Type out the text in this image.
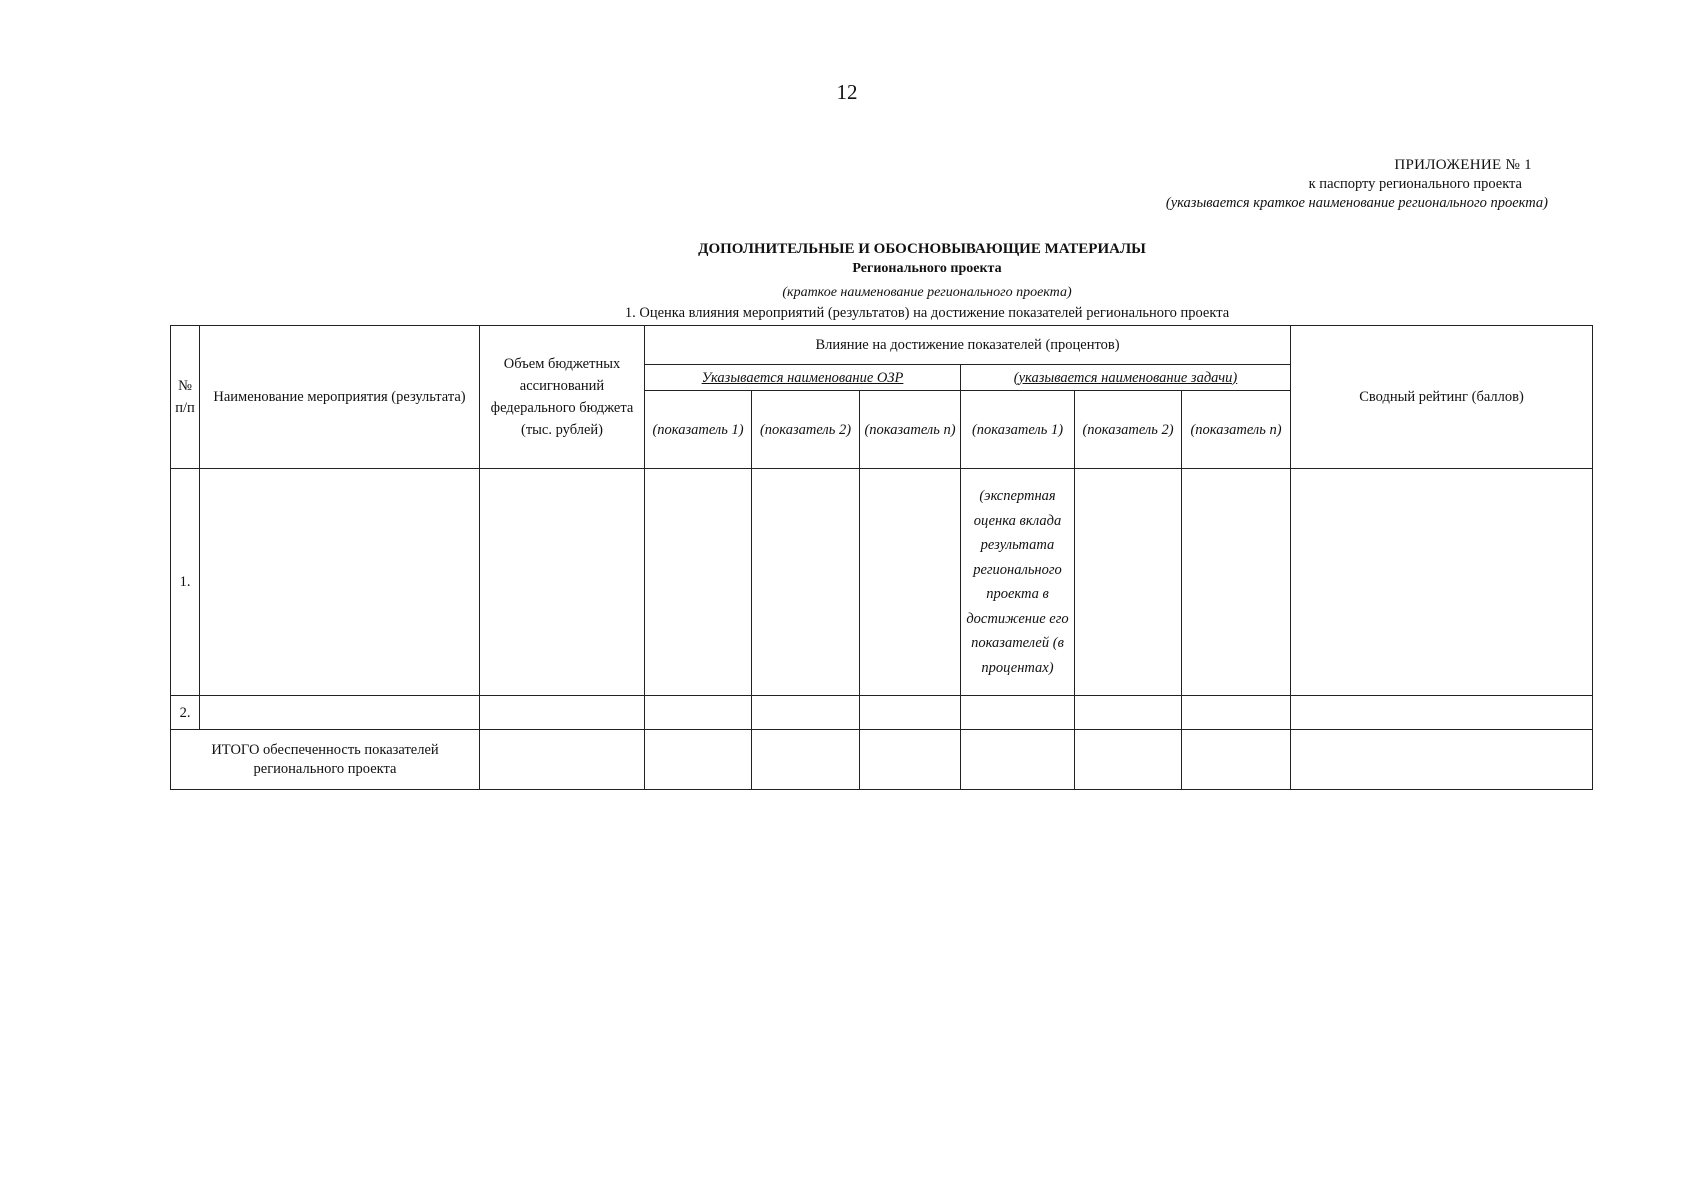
12
ПРИЛОЖЕНИЕ № 1
к паспорту регионального проекта
(указывается краткое наименование регионального проекта)
ДОПОЛНИТЕЛЬНЫЕ И ОБОСНОВЫВАЮЩИЕ МАТЕРИАЛЫ
Регионального проекта
(краткое наименование регионального проекта)
1. Оценка влияния мероприятий (результатов) на достижение показателей регионального проекта
№ п/п	Наименование мероприятия (результата)	Объем бюджетных ассигнований федерального бюджета (тыс. рублей)	Влияние на достижение показателей (процентов)						Сводный рейтинг (баллов)
			Указывается наименование ОЗР			(указывается наименование задачи)			
			(показатель 1)	(показатель 2)	(показатель n)	(показатель 1)	(показатель 2)	(показатель n)	
1.						(экспертная оценка вклада результата регионального проекта в достижение его показателей (в процентах)			
2.									
ИТОГО обеспеченность показателей регионального проекта									
